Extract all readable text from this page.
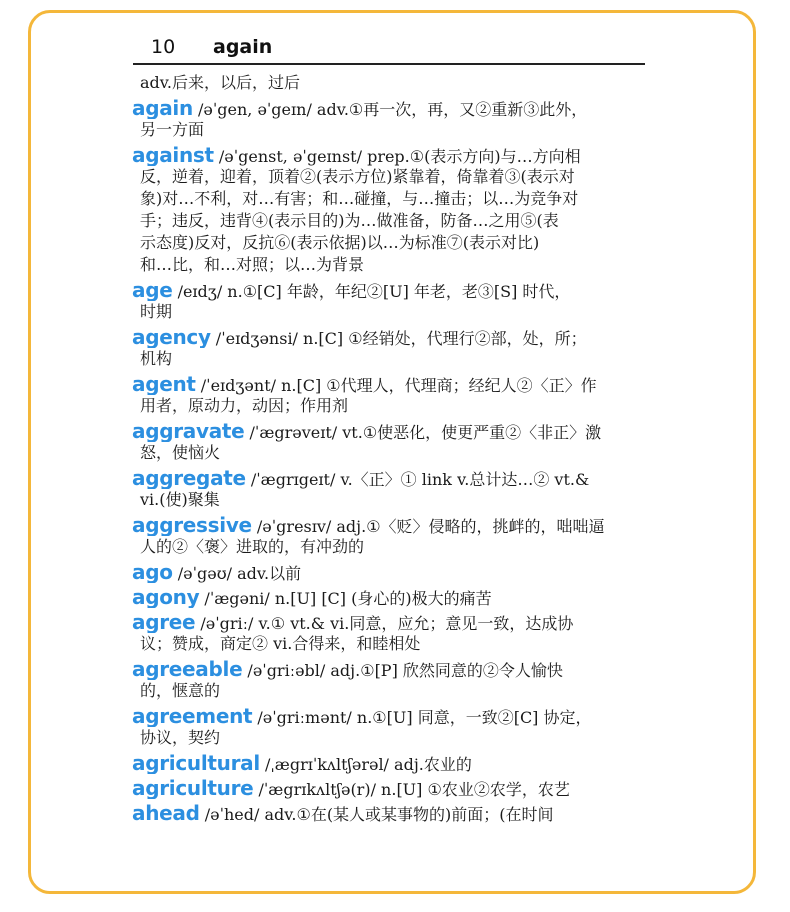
10 again
adv.后来，以后，过后
again /əˈgen, əˈgeɪn/ adv.①再一次，再，又②重新③此外，
另一方面
against /əˈgenst, əˈgeɪnst/ prep.①(表示方向)与…方向相
反，逆着，迎着，顶着②(表示方位)紧靠着，倚靠着③(表示对
象)对…不利，对…有害；和…碰撞，与…撞击；以…为竞争对
手；违反，违背④(表示目的)为…做准备，防备…之用⑤(表
示态度)反对，反抗⑥(表示依据)以…为标准⑦(表示对比)
和…比，和…对照；以…为背景
age /eɪdʒ/ n.①[C] 年龄，年纪②[U] 年老，老③[S] 时代，
时期
agency /ˈeɪdʒənsi/ n.[C] ①经销处，代理行②部，处，所；
机构
agent /ˈeɪdʒənt/ n.[C] ①代理人，代理商；经纪人②〈正〉作
用者，原动力，动因；作用剂
aggravate /ˈægrəveɪt/ vt.①使恶化，使更严重②〈非正〉激
怒，使恼火
aggregate /ˈægrɪgeɪt/ v.〈正〉① link v.总计达…② vt.&
vi.(使)聚集
aggressive /əˈgresɪv/ adj.①〈贬〉侵略的，挑衅的，咄咄逼
人的②〈褒〉进取的，有冲劲的
ago /əˈgəʊ/ adv.以前
agony /ˈægəni/ n.[U] [C] (身心的)极大的痛苦
agree /əˈgriː/ v.① vt.& vi.同意，应允；意见一致，达成协
议；赞成，商定② vi.合得来，和睦相处
agreeable /əˈgriːəbl/ adj.①[P] 欣然同意的②令人愉快
的，惬意的
agreement /əˈgriːmənt/ n.①[U] 同意，一致②[C] 协定，
协议，契约
agricultural /ˌægrɪˈkʌltʃərəl/ adj.农业的
agriculture /ˈægrɪkʌltʃə(r)/ n.[U] ①农业②农学，农艺
ahead /əˈhed/ adv.①在(某人或某事物的)前面；(在时间
